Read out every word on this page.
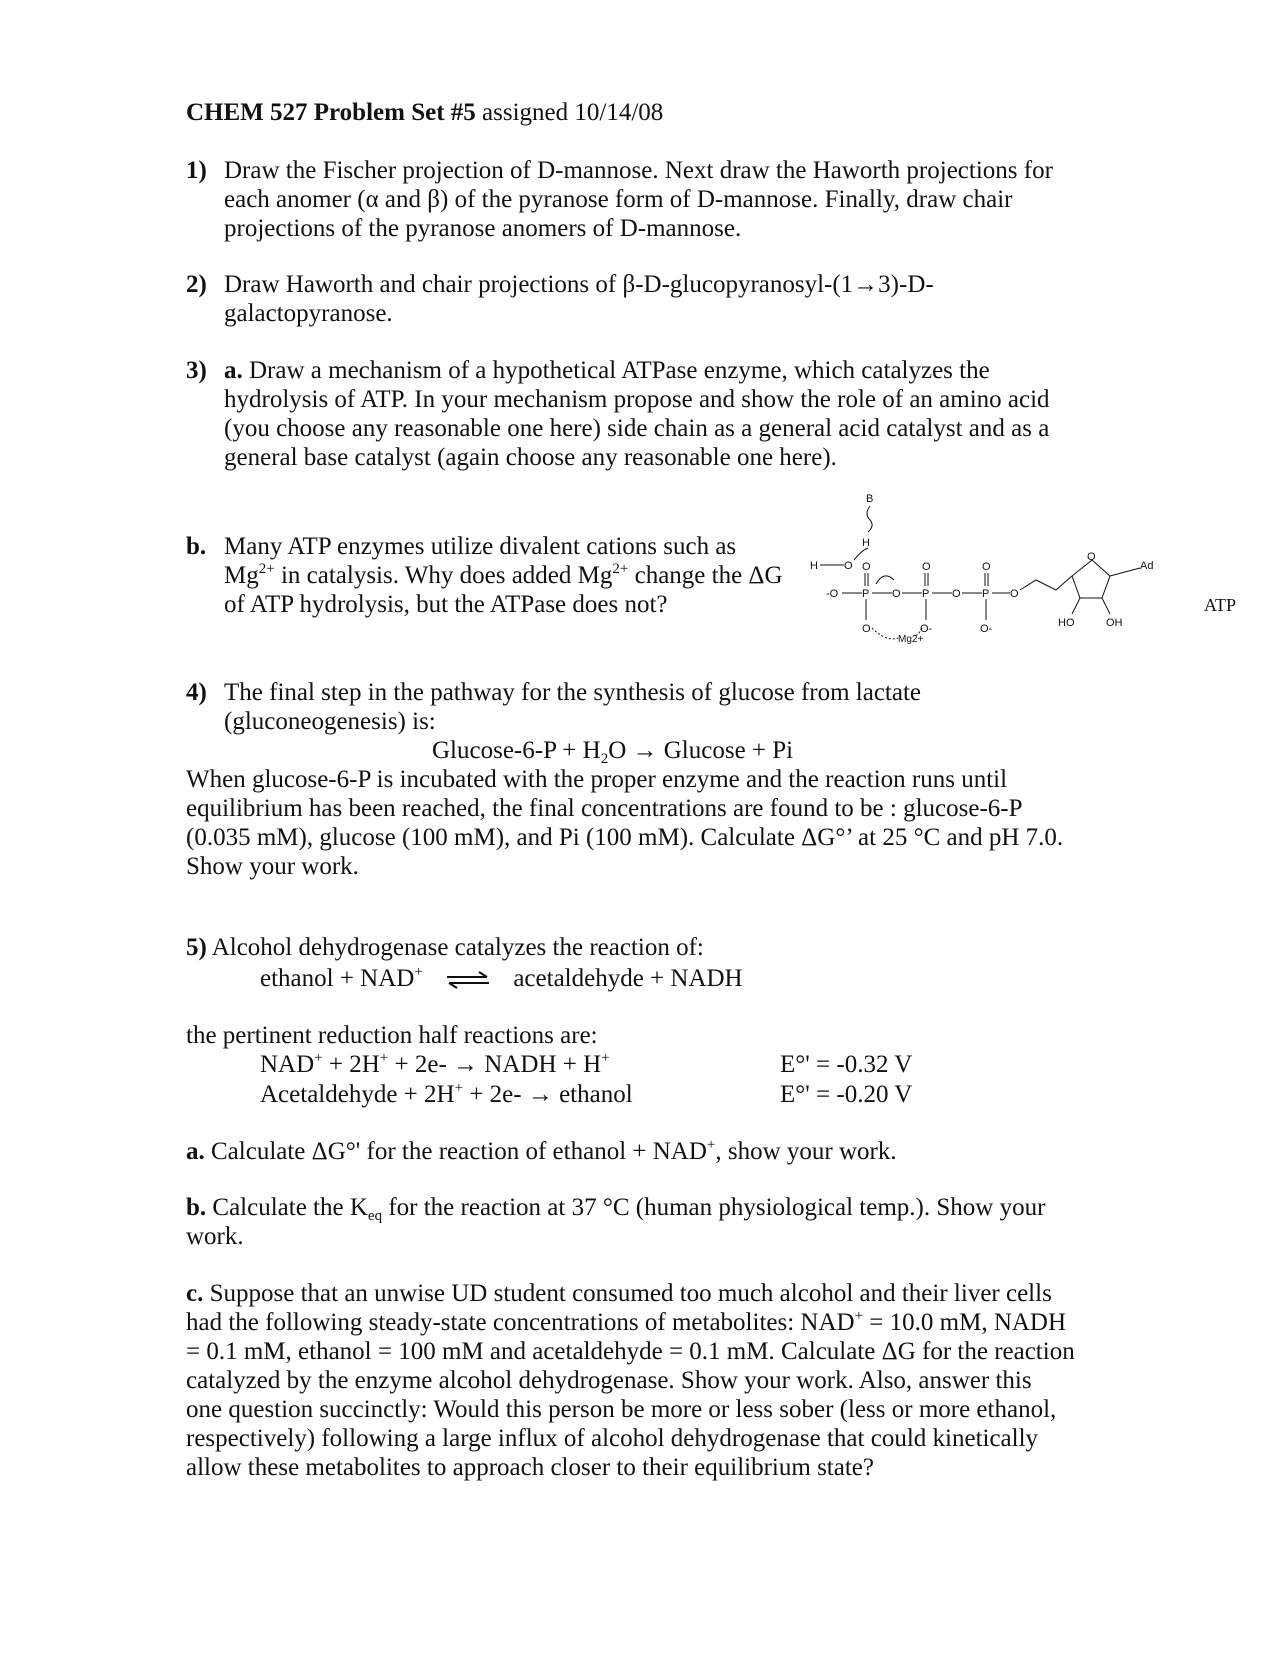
CHEM 527 Problem Set #5 assigned 10/14/08
1) Draw the Fischer projection of D-mannose. Next draw the Haworth projections for
each anomer (α and β) of the pyranose form of D-mannose. Finally, draw chair
projections of the pyranose anomers of D-mannose.
2) Draw Haworth and chair projections of β-D-glucopyranosyl-(1→3)-D-
galactopyranose.
3) a. Draw a mechanism of a hypothetical ATPase enzyme, which catalyzes the
hydrolysis of ATP. In your mechanism propose and show the role of an amino acid
(you choose any reasonable one here) side chain as a general acid catalyst and as a
general base catalyst (again choose any reasonable one here).
b. Many ATP enzymes utilize divalent cations such as
$Mg^{2+}$ in catalysis. Why does added $Mg^{2+}$ change the ΔG
of ATP hydrolysis, but the ATPase does not?
B
H
H O
-O P
O
O
O P
O
O-
O P
O
O-
O
Mg2+
O
Ad
HO	OH
ATP
4) The final step in the pathway for the synthesis of glucose from lactate
(gluconeogenesis) is:
$Glucose-6-P + H_2O \to Glucose + Pi$
When glucose-6-P is incubated with the proper enzyme and the reaction runs until
equilibrium has been reached, the final concentrations are found to be : glucose-6-P
(0.035 mM), glucose (100 mM), and Pi (100 mM). Calculate ΔG°’ at 25 °C and pH 7.0.
Show your work.
5) Alcohol dehydrogenase catalyzes the reaction of:
ethanol + NAD+ ⇌ acetaldehyde + NADH
the pertinent reduction half reactions are:
NAD+ + 2H+ + 2e- → NADH + H+	E°' = -0.32 V
Acetaldehyde + 2H+ + 2e- → ethanol	E°' = -0.20 V
a. Calculate ΔG°' for the reaction of ethanol + NAD+, show your work.
b. Calculate the $K_{eq}$ for the reaction at 37 °C (human physiological temp.). Show your
work.
c. Suppose that an unwise UD student consumed too much alcohol and their liver cells
had the following steady-state concentrations of metabolites: NAD+ = 10.0 mM, NADH
= 0.1 mM, ethanol = 100 mM and acetaldehyde = 0.1 mM. Calculate ΔG for the reaction
catalyzed by the enzyme alcohol dehydrogenase. Show your work. Also, answer this
one question succinctly: Would this person be more or less sober (less or more ethanol,
respectively) following a large influx of alcohol dehydrogenase that could kinetically
allow these metabolites to approach closer to their equilibrium state?
